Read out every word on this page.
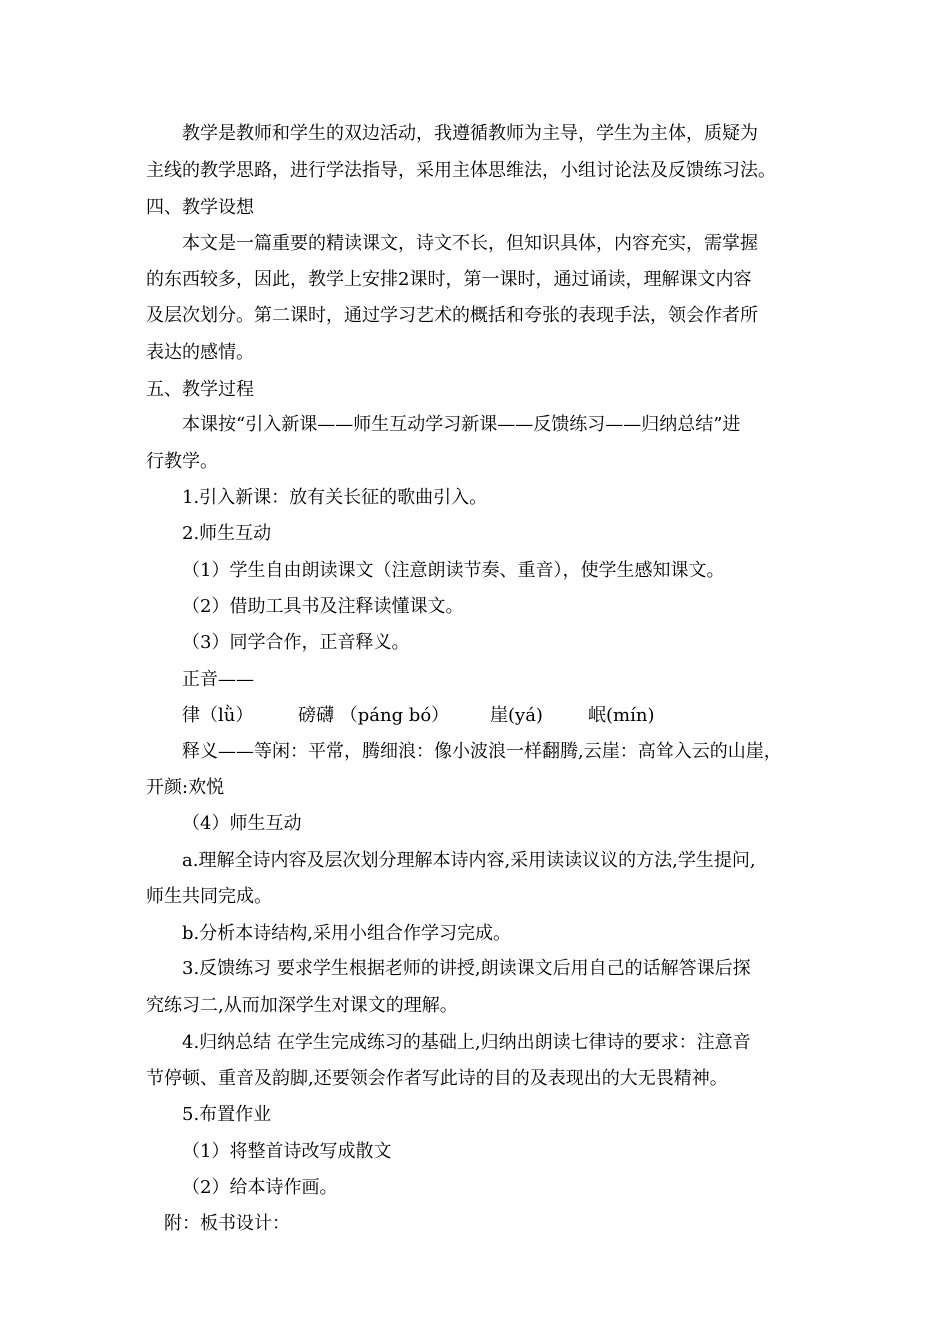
教学是教师和学生的双边活动，我遵循教师为主导，学生为主体，质疑为
主线的教学思路，进行学法指导，采用主体思维法，小组讨论法及反馈练习法。
四、教学设想
本文是一篇重要的精读课文，诗文不长，但知识具体，内容充实，需掌握
的东西较多，因此，教学上安排2课时，第一课时，通过诵读，理解课文内容
及层次划分。第二课时，通过学习艺术的概括和夸张的表现手法，领会作者所
表达的感情。
五、教学过程
本课按“引入新课——师生互动学习新课——反馈练习——归纳总结”进
行教学。
1.引入新课：放有关长征的歌曲引入。
2.师生互动
（1）学生自由朗读课文（注意朗读节奏、重音），使学生感知课文。
（2）借助工具书及注释读懂课文。
（3）同学合作，正音释义。
正音——
律（lǜ） 磅礴 （páng bó） 崖(yá)	岷(mín)
释义——等闲：平常，腾细浪：像小波浪一样翻腾,云崖：高耸入云的山崖，
开颜:欢悦
（4）师生互动
a.理解全诗内容及层次划分理解本诗内容,采用读读议议的方法,学生提问,
师生共同完成。
b.分析本诗结构,采用小组合作学习完成。
3.反馈练习 要求学生根据老师的讲授,朗读课文后用自己的话解答课后探
究练习二,从而加深学生对课文的理解。
4.归纳总结 在学生完成练习的基础上,归纳出朗读七律诗的要求：注意音
节停顿、重音及韵脚,还要领会作者写此诗的目的及表现出的大无畏精神。
5.布置作业
（1）将整首诗改写成散文
（2）给本诗作画。
附：板书设计：
